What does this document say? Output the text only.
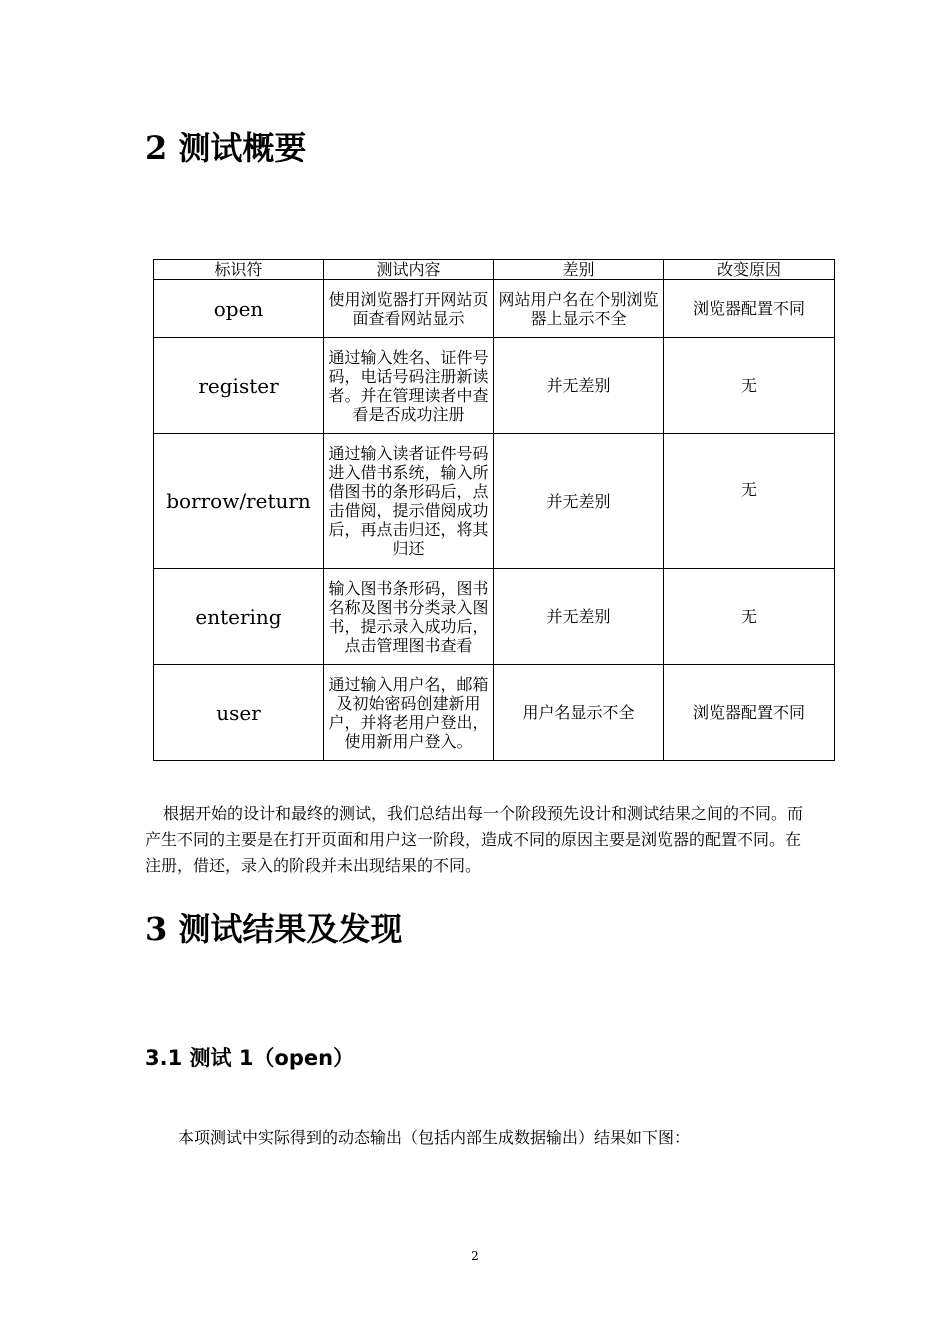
2 测试概要
标识符	测试内容	差别	改变原因
open	使用浏览器打开网站页面查看网站显示	网站用户名在个别浏览器上显示不全	浏览器配置不同
register	通过输入姓名、证件号码，电话号码注册新读者。并在管理读者中查看是否成功注册	并无差别	无
borrow/return	通过输入读者证件号码进入借书系统，输入所借图书的条形码后，点击借阅，提示借阅成功后，再点击归还，将其归还	并无差别	无
entering	输入图书条形码，图书名称及图书分类录入图书，提示录入成功后，点击管理图书查看	并无差别	无
user	通过输入用户名，邮箱及初始密码创建新用户，并将老用户登出，使用新用户登入。	用户名显示不全	浏览器配置不同

根据开始的设计和最终的测试，我们总结出每一个阶段预先设计和测试结果之间的不同。而产生不同的主要是在打开页面和用户这一阶段，造成不同的原因主要是浏览器的配置不同。在注册，借还，录入的阶段并未出现结果的不同。

3 测试结果及发现
3.1 测试 1（open）

本项测试中实际得到的动态输出（包括内部生成数据输出）结果如下图：

2
